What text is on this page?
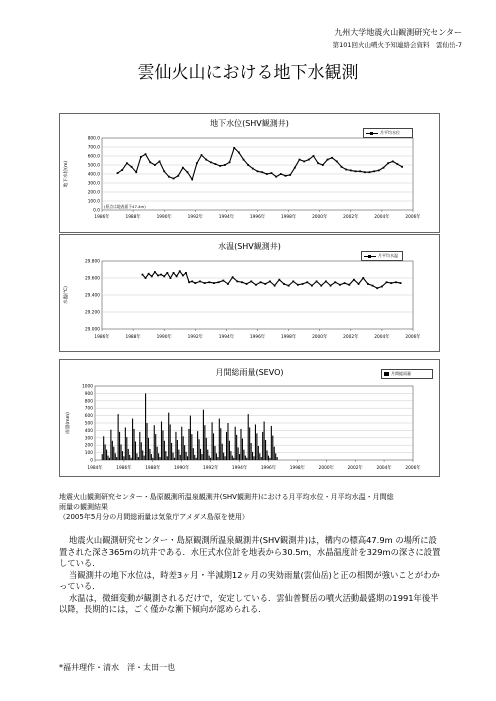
九州大学地震火山観測研究センター
第101回火山噴火予知連絡会資料　雲仙岳-7
雲仙火山における地下水観測
800.0
700.0
600.0
500.0
400.0
300.0
200.0
100.0
0.0
1986年	1988年	1990年	1992年	1994年	1996年	1998年	2000年	2002年	2004年	2006年
地下水位(m)
(原点は地表面下47.4m)
地下水位(SHV観測井)
月平均水位
29.800
29.600
29.400
29.200
29.000
1986年	1988年	1990年	1992年	1994年	1996年	1998年	2000年	2002年	2004年	2006年
水温(℃)
水温(SHV観測井)
月平均水温
1000
900
800
700
600
500
400
300
200
100
0
1984年	1986年	1988年	1990年	1992年	1994年	1996年	1998年	2000年	2002年	2004年	2006年
雨量(mm)
月間総雨量(SEVO)	月間総雨量
地震火山観測研究センター・島原観測所温泉観測井(SHV観測井)における月平均水位・月平均水温・月間総
雨量の観測結果
（2005年5月分の月間総雨量は気象庁アメダス島原を使用）

地震火山観測研究センター・島原観測所温泉観測井(SHV観測井)は，構内の標高47.9m の場所に設置された深さ365mの坑井である．水圧式水位計を地表から30.5m，水晶温度計を329mの深さに設置している．

当観測井の地下水位は，時差3ヶ月・半減期12ヶ月の実効雨量(雲仙岳)と正の相関が強いことがわかっている．

水温は，微細変動が観測されるだけで，安定している．雲仙普賢岳の噴火活動最盛期の1991年後半以降，長期的には，ごく僅かな漸下傾向が認められる．

*福井理作・清水　洋・太田一也
